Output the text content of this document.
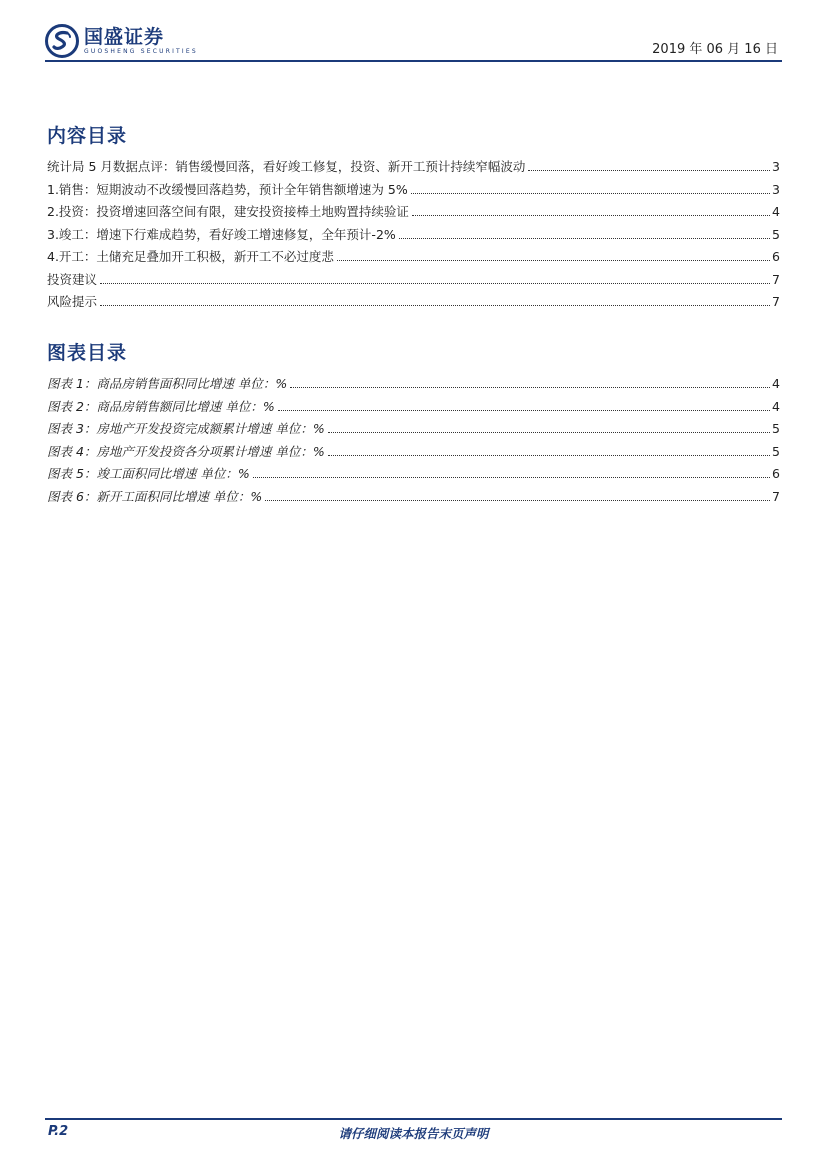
国盛证券
GUOSHENG SECURITIES	2019 年 06 月 16 日
内容目录
统计局 5 月数据点评：销售缓慢回落，看好竣工修复，投资、新开工预计持续窄幅波动	3
1.销售：短期波动不改缓慢回落趋势，预计全年销售额增速为 5%	3
2.投资：投资增速回落空间有限，建安投资接棒土地购置持续验证	4
3.竣工：增速下行难成趋势，看好竣工增速修复，全年预计-2%	5
4.开工：土储充足叠加开工积极，新开工不必过度悲	6
投资建议	7
风险提示	7
图表目录
图表 1：商品房销售面积同比增速 单位：%	4
图表 2：商品房销售额同比增速 单位：%	4
图表 3：房地产开发投资完成额累计增速 单位：%	5
图表 4：房地产开发投资各分项累计增速 单位：%	5
图表 5：竣工面积同比增速 单位：%	6
图表 6：新开工面积同比增速 单位：%	7
P.2	请仔细阅读本报告末页声明
